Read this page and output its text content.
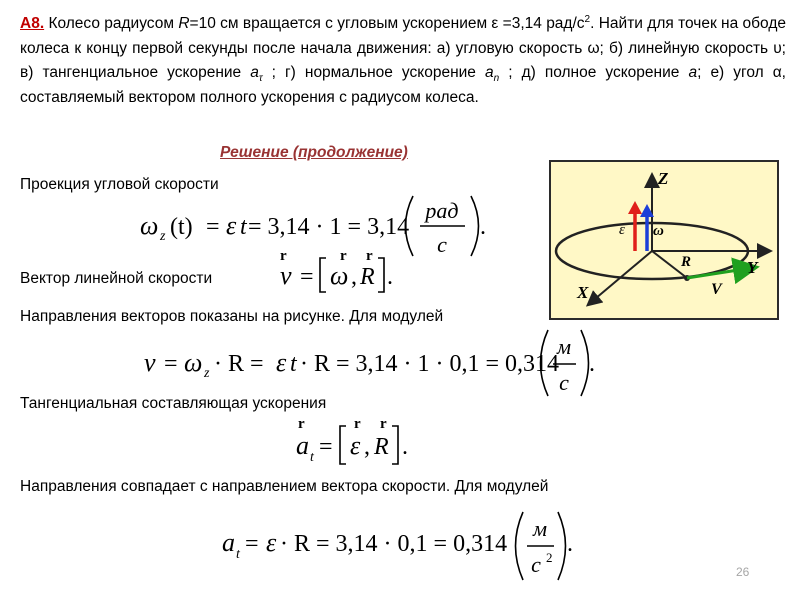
А8. Колесо радиусом R=10 см вращается с угловым ускорением ε =3,14 рад/$с^2$. Найти для точек на ободе колеса к концу первой секунды после начала движения: а) угловую скорость ω; б) линейную скорость υ; в) тангенциальное ускорение $a_\tau$ ; г) нормальное ускорение $a_n$ ; д) полное ускорение a; е) угол α, составляемый вектором полного ускорения с радиусом колеса.
Решение (продолжение)
Проекция угловой скорости
Вектор линейной скорости
Направления векторов показаны на рисунке. Для модулей
Тангенциальная составляющая ускорения
Направления совпадает с направлением вектора скорости. Для модулей
ω z (t) = ε t = 3,14 · 1 = 3,14
рад
с
.
r
v =
r
ω ,
r
R .
v = ω z · R = ε t · R = 3,14 · 1 · 0,1 = 0,314
м
с
.
r
a t =
r
ε ,
r
R .
a t = ε · R = 3,14 · 0,1 = 0,314
м
с 2
.
Z
Y
X
ε ω
R
V
26
